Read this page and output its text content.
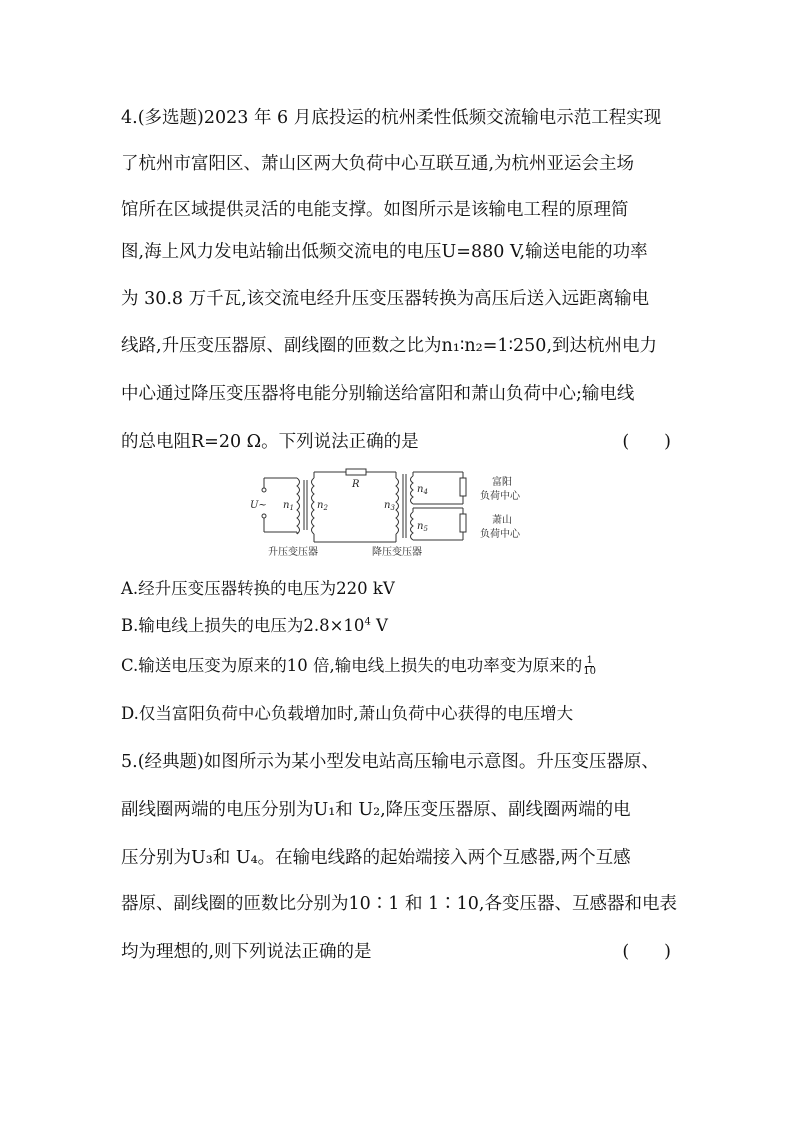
4.(多选题)2023 年 6 月底投运的杭州柔性低频交流输电示范工程实现
了杭州市富阳区、萧山区两大负荷中心互联互通,为杭州亚运会主场
馆所在区域提供灵活的电能支撑。如图所示是该输电工程的原理简
图,海上风力发电站输出低频交流电的电压U=880 V,输送电能的功率
为 30.8 万千瓦,该交流电经升压变压器转换为高压后送入远距离输电
线路,升压变压器原、副线圈的匝数之比为n₁∶n₂=1∶250,到达杭州电力
中心通过降压变压器将电能分别输送给富阳和萧山负荷中心;输电线
的总电阻R=20 Ω。下列说法正确的是	(　　)
U~ $n_1$ $n_2$
R
$n_3$
$n_4$
$n_5$
富阳
负荷中心
萧山
负荷中心
升压变压器	降压变压器
A.经升压变压器转换的电压为220 kV
B.输电线上损失的电压为$2.8\times 10^4$ V
C.输送电压变为原来的10 倍,输电线上损失的电功率变为原来的 $\frac{1}{10}$
D.仅当富阳负荷中心负载增加时,萧山负荷中心获得的电压增大
5.(经典题)如图所示为某小型发电站高压输电示意图。升压变压器原、
副线圈两端的电压分别为U₁和 U₂,降压变压器原、副线圈两端的电
压分别为U₃和 U₄。在输电线路的起始端接入两个互感器,两个互感
器原、副线圈的匝数比分别为10∶1 和 1∶10,各变压器、互感器和电表
均为理想的,则下列说法正确的是	(　　)
